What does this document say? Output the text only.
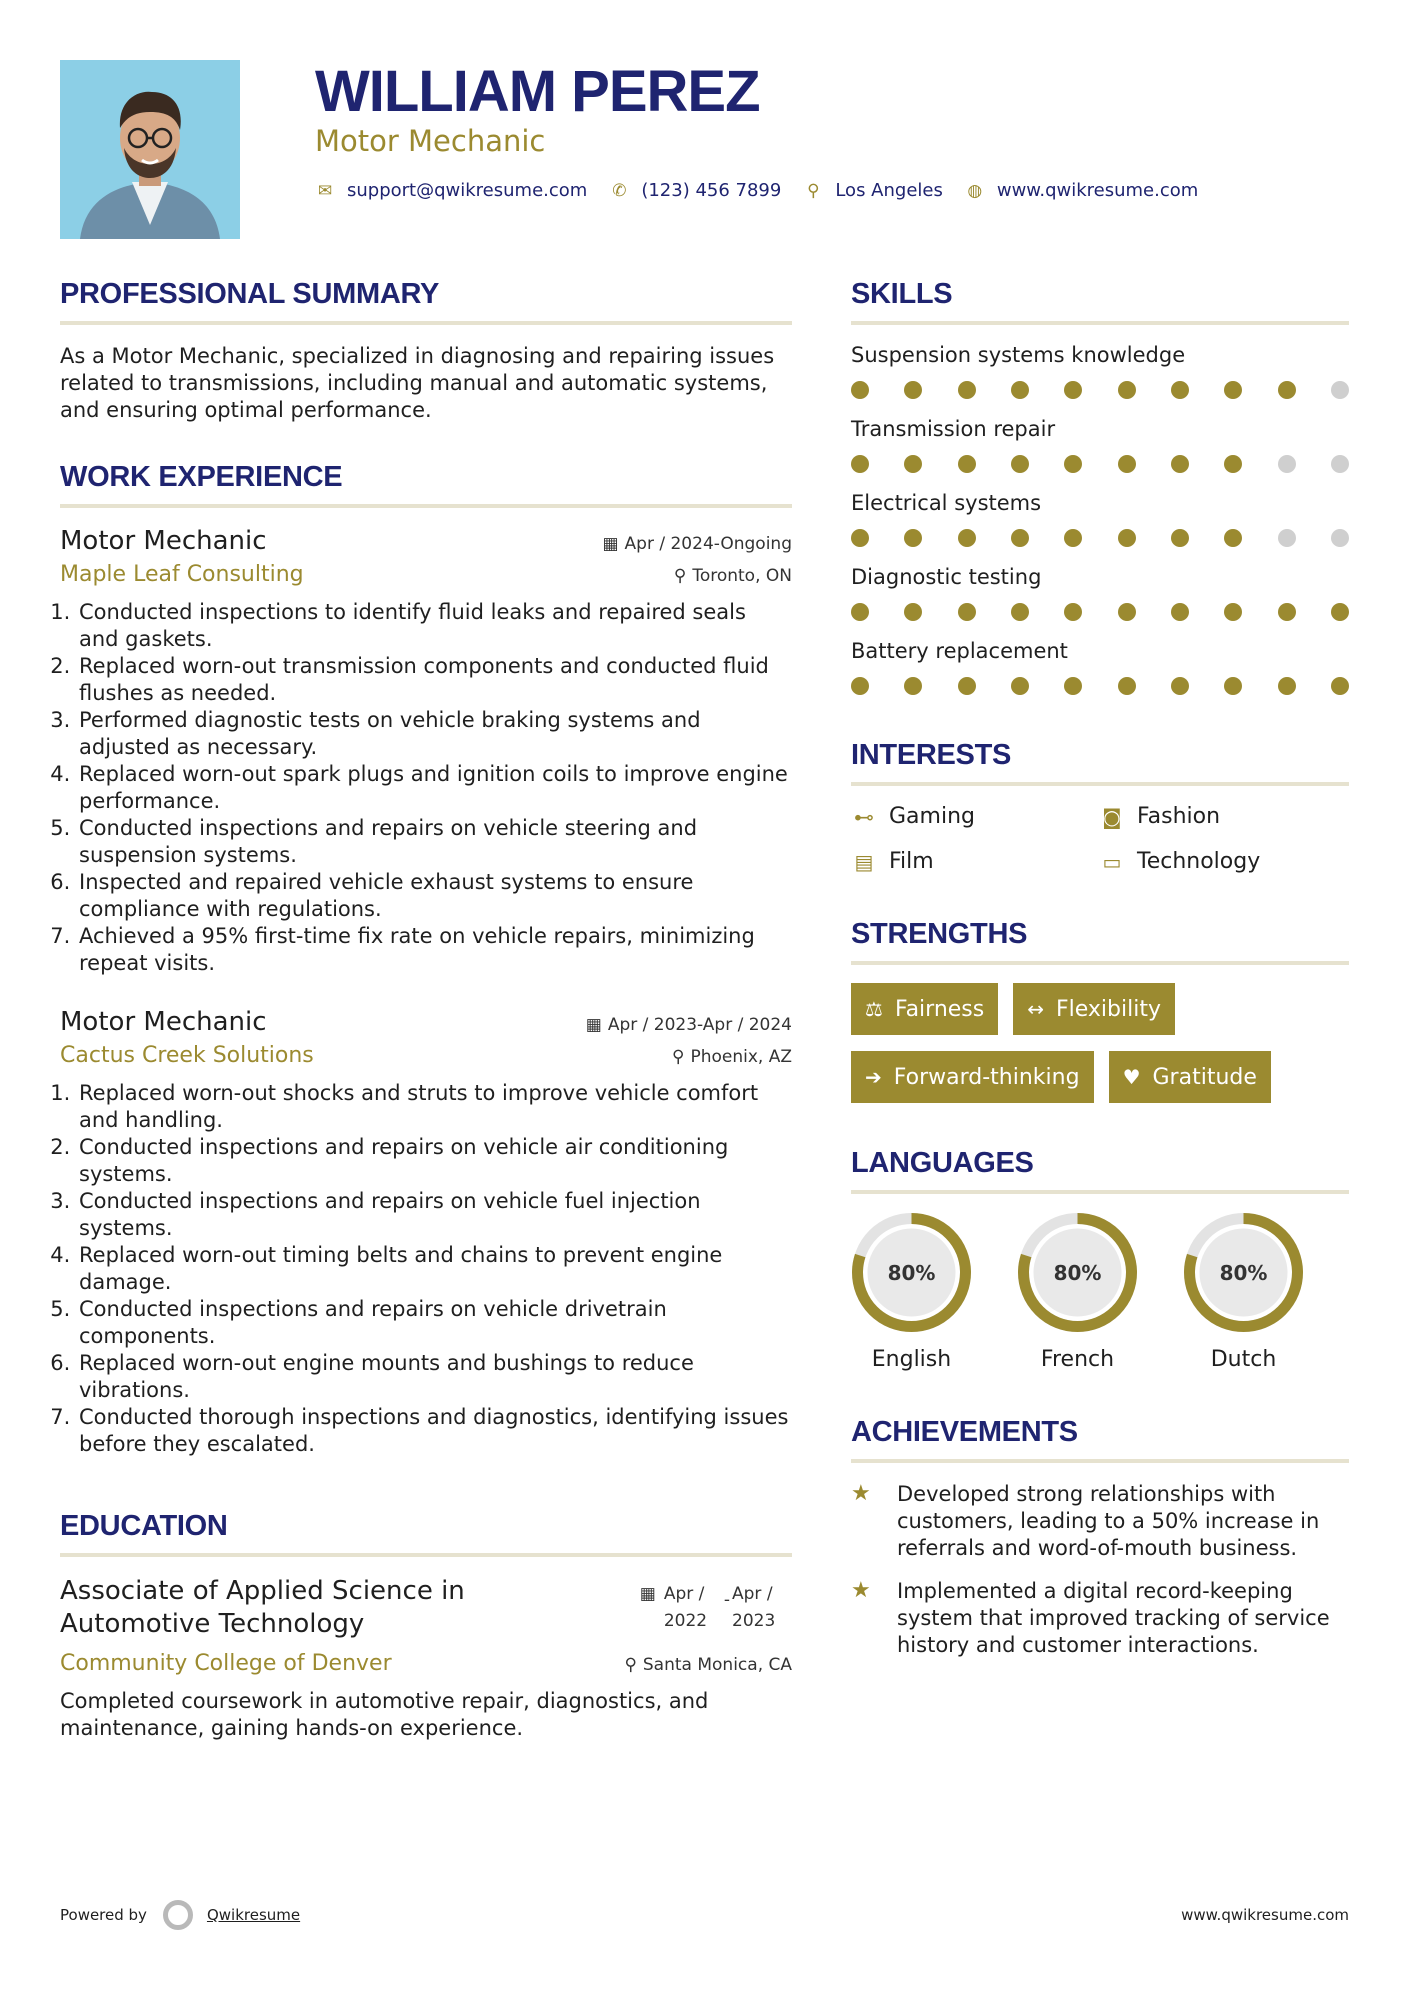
WILLIAM PEREZ
Motor Mechanic
✉ support@qwikresume.com ✆ (123) 456 7899 ⚲ Los Angeles ◍ www.qwikresume.com
PROFESSIONAL SUMMARY

As a Motor Mechanic, specialized in diagnosing and repairing issues related to transmissions, including manual and automatic systems, and ensuring optimal performance.

WORK EXPERIENCE
Motor Mechanic	▦ Apr / 2024-Ongoing
Maple Leaf Consulting	⚲ Toronto, ON
1. Conducted inspections to identify fluid leaks and repaired seals and gaskets.
2. Replaced worn-out transmission components and conducted fluid flushes as needed.
3. Performed diagnostic tests on vehicle braking systems and adjusted as necessary.
4. Replaced worn-out spark plugs and ignition coils to improve engine performance.
5. Conducted inspections and repairs on vehicle steering and suspension systems.
6. Inspected and repaired vehicle exhaust systems to ensure compliance with regulations.
7. Achieved a 95% first-time fix rate on vehicle repairs, minimizing repeat visits.
Motor Mechanic	▦ Apr / 2023-Apr / 2024
Cactus Creek Solutions	⚲ Phoenix, AZ
1. Replaced worn-out shocks and struts to improve vehicle comfort and handling.
2. Conducted inspections and repairs on vehicle air conditioning systems.
3. Conducted inspections and repairs on vehicle fuel injection systems.
4. Replaced worn-out timing belts and chains to prevent engine damage.
5. Conducted inspections and repairs on vehicle drivetrain components.
6. Replaced worn-out engine mounts and bushings to reduce vibrations.
7. Conducted thorough inspections and diagnostics, identifying issues before they escalated.
EDUCATION
Associate of Applied Science in Automotive Technology
▦ Apr /
2022
- Apr /
2023
Community College of Denver	⚲ Santa Monica, CA

Completed coursework in automotive repair, diagnostics, and maintenance, gaining hands-on experience.

SKILLS
Suspension systems knowledge
Transmission repair
Electrical systems
Diagnostic testing
Battery replacement
INTERESTS
⊷ Gaming	◙ Fashion
▤ Film	▭ Technology
STRENGTHS
⚖ Fairness ↔ Flexibility
➔ Forward-thinking ♥ Gratitude
LANGUAGES
80%
English
80%
French
80%
Dutch
ACHIEVEMENTS
★	Developed strong relationships with customers, leading to a 50% increase in referrals and word-of-mouth business.
★	Implemented a digital record-keeping system that improved tracking of service history and customer interactions.
Powered by	Qwikresume	www.qwikresume.com
